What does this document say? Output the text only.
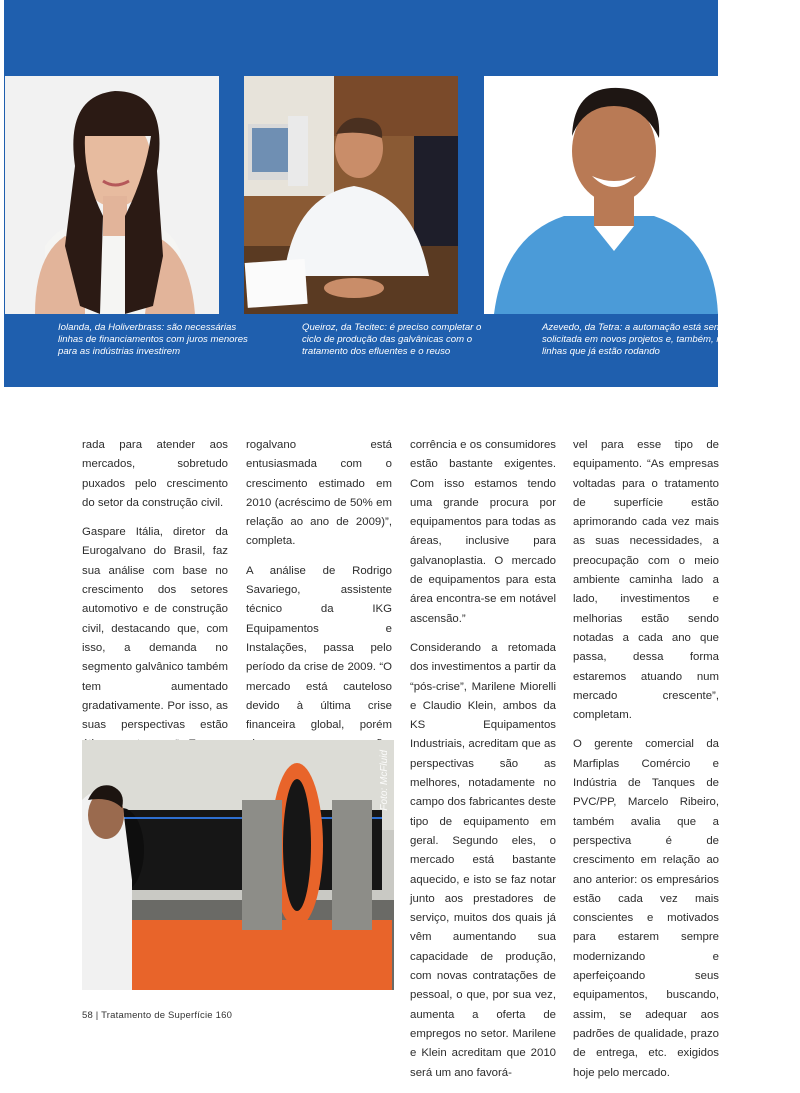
Iolanda, da Holiverbrass: são necessárias linhas de financiamentos com juros menores para as indústrias investirem
Queiroz, da Tecitec: é preciso completar o ciclo de produção das galvânicas com o tratamento dos efluentes e o reuso
Azevedo, da Tetra: a automação está sendo solicitada em novos projetos e, também, nas linhas que já estão rodando

rada para atender aos mercados, sobretudo puxados pelo crescimento do setor da construção civil.

Gaspare Itália, diretor da Eurogalvano do Brasil, faz sua análise com base no crescimento dos setores automotivo e de construção civil, destacando que, com isso, a demanda no segmento galvânico também tem aumentado gradativamente. Por isso, as suas perspectivas estão

rogalvano está entusiasmada com o crescimento estimado em 2010 (acréscimo de 50% em relação ao ano de 2009)”, completa.

A análise de Rodrigo Savariego, assistente técnico da IKG Equipamentos e Instalações, passa pelo período da crise de 2009. “O mercado está cauteloso devido à última crise financeira global, porém

corrência e os consumidores estão bastante exigentes. Com isso estamos tendo uma grande procura por equipamentos para todas as áreas, inclusive para galvanoplastia. O mercado de equipamentos para esta área encontra-se em notável ascensão.”

Considerando a retomada dos investimentos a partir da “pós-crise”, Marilene Miorelli e Claudio Klein, ambos da KS Equipamentos Industriais, acreditam que as perspectivas são as melhores, notadamente no campo dos fabricantes deste tipo de equipamento em geral. Segundo eles, o mercado está bastante aquecido, e isto se faz notar junto aos prestadores de serviço, muitos dos quais já vêm aumentando sua capacidade de produção, com novas contratações de pessoal, o que, por sua vez, aumenta a oferta de empregos no setor. Marilene e Klein acreditam que 2010 será um ano favorá-

vel para esse tipo de equipamento. “As empresas voltadas para o tratamento de superfície estão aprimorando cada vez mais as suas necessidades, a preocupação com o meio ambiente caminha lado a lado, investimentos e melhorias estão sendo notadas a cada ano que passa, dessa forma estaremos atuando num mercado crescente”, completam.

O gerente comercial da Marfiplas Comércio e Indústria de Tanques de PVC/PP, Marcelo Ribeiro, também avalia que a perspectiva é de crescimento em relação ao ano anterior: os empresários estão cada vez mais conscientes e motivados para estarem sempre modernizando e aperfeiçoando seus equipamentos, buscando, assim, se adequar aos padrões de qualidade, prazo de entrega, etc. exigidos hoje pelo mercado.

Foto: McFluid
58 | Tratamento de Superfície 160
